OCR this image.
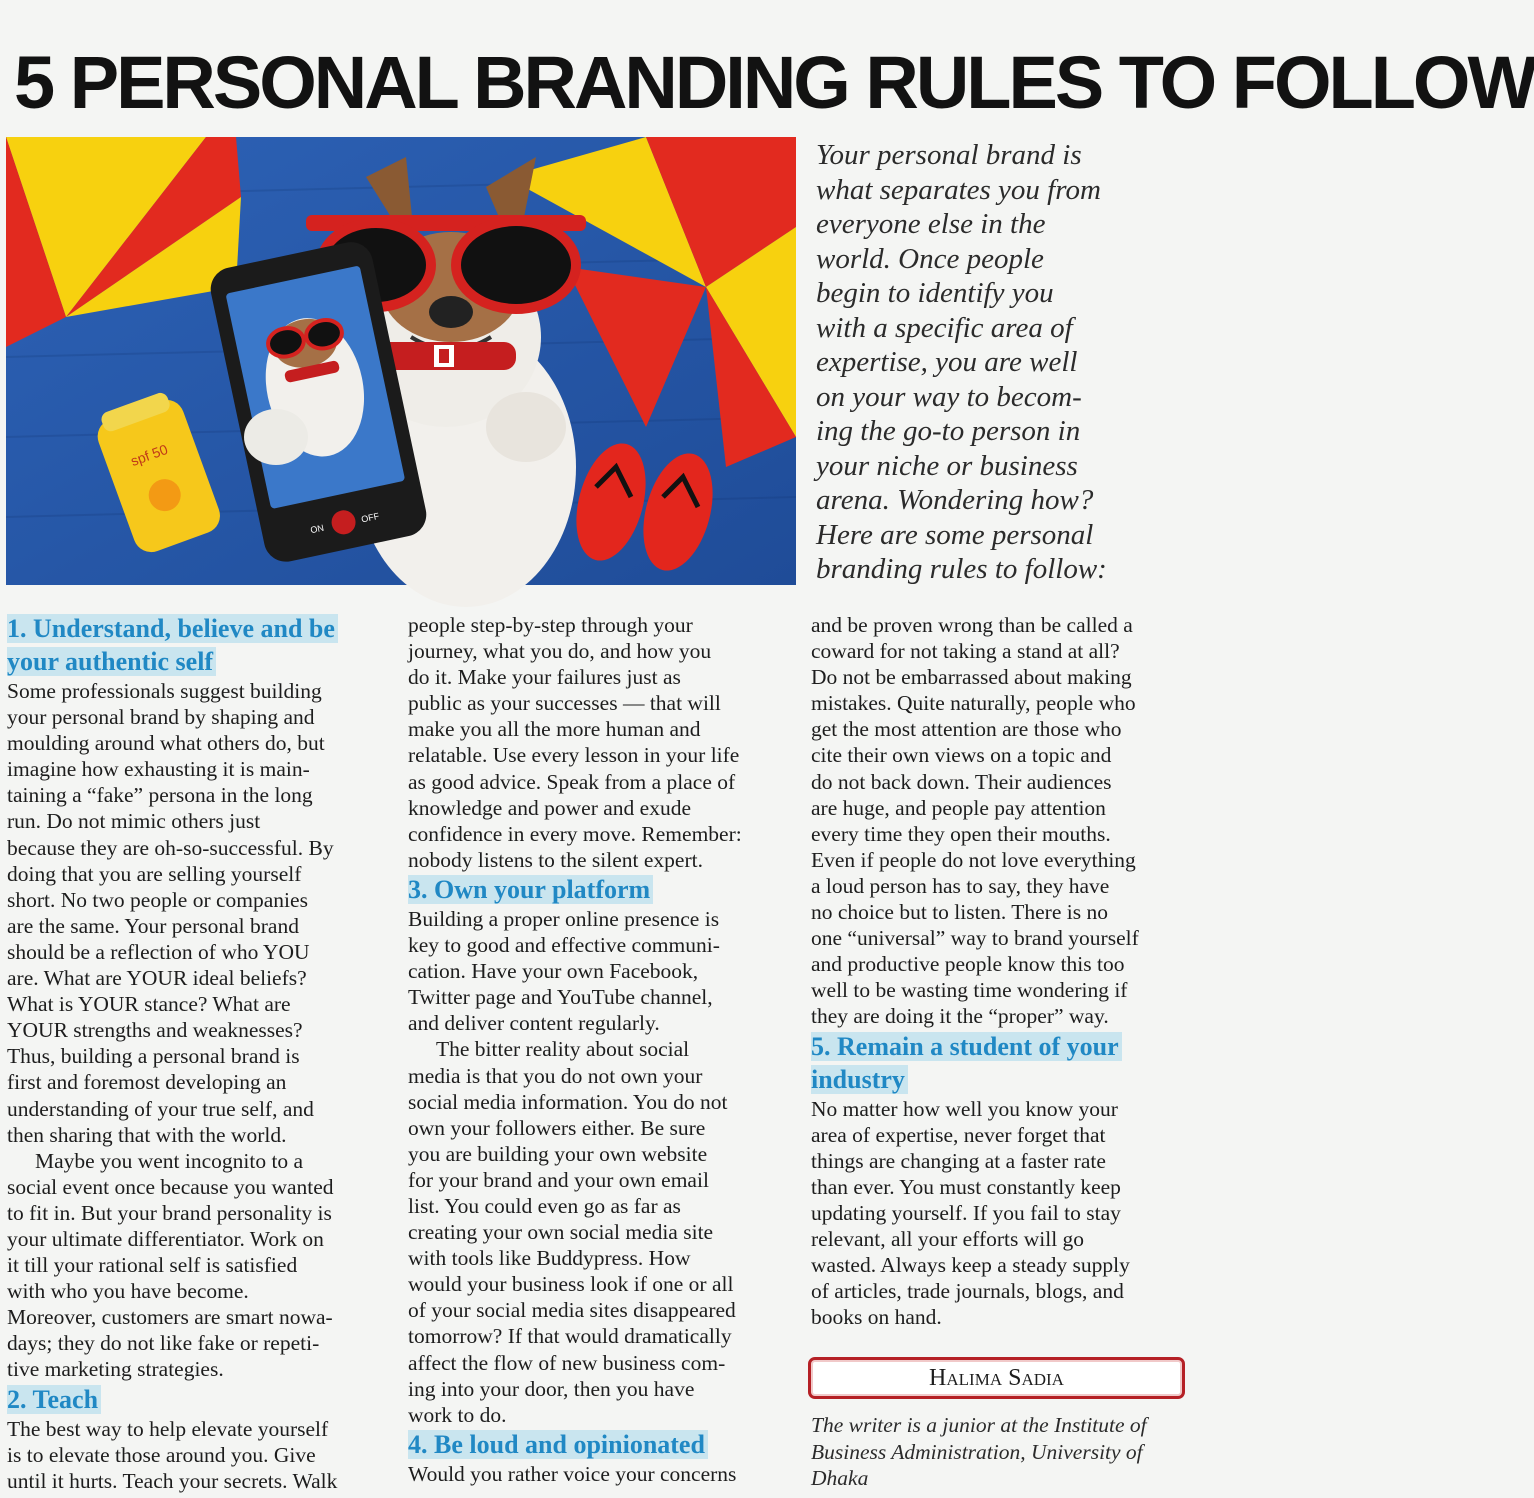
5 PERSONAL BRANDING RULES TO FOLLOW
ON
OFF
spf 50
Your personal brand is
what separates you from
everyone else in the
world. Once people
begin to identify you
with a specific area of
expertise, you are well
on your way to becom-
ing the go-to person in
your niche or business
arena. Wondering how?
Here are some personal
branding rules to follow:
1. Understand, believe and be
your authentic self
Some professionals suggest building
your personal brand by shaping and
moulding around what others do, but
imagine how exhausting it is main-
taining a “fake” persona in the long
run. Do not mimic others just
because they are oh-so-successful. By
doing that you are selling yourself
short. No two people or companies
are the same. Your personal brand
should be a reflection of who YOU
are. What are YOUR ideal beliefs?
What is YOUR stance? What are
YOUR strengths and weaknesses?
Thus, building a personal brand is
first and foremost developing an
understanding of your true self, and
then sharing that with the world.
Maybe you went incognito to a
social event once because you wanted
to fit in. But your brand personality is
your ultimate differentiator. Work on
it till your rational self is satisfied
with who you have become.
Moreover, customers are smart nowa-
days; they do not like fake or repeti-
tive marketing strategies.
2. Teach
The best way to help elevate yourself
is to elevate those around you. Give
until it hurts. Teach your secrets. Walk
people step-by-step through your
journey, what you do, and how you
do it. Make your failures just as
public as your successes — that will
make you all the more human and
relatable. Use every lesson in your life
as good advice. Speak from a place of
knowledge and power and exude
confidence in every move. Remember:
nobody listens to the silent expert.
3. Own your platform
Building a proper online presence is
key to good and effective communi-
cation. Have your own Facebook,
Twitter page and YouTube channel,
and deliver content regularly.
The bitter reality about social
media is that you do not own your
social media information. You do not
own your followers either. Be sure
you are building your own website
for your brand and your own email
list. You could even go as far as
creating your own social media site
with tools like Buddypress. How
would your business look if one or all
of your social media sites disappeared
tomorrow? If that would dramatically
affect the flow of new business com-
ing into your door, then you have
work to do.
4. Be loud and opinionated
Would you rather voice your concerns
and be proven wrong than be called a
coward for not taking a stand at all?
Do not be embarrassed about making
mistakes. Quite naturally, people who
get the most attention are those who
cite their own views on a topic and
do not back down. Their audiences
are huge, and people pay attention
every time they open their mouths.
Even if people do not love everything
a loud person has to say, they have
no choice but to listen. There is no
one “universal” way to brand yourself
and productive people know this too
well to be wasting time wondering if
they are doing it the “proper” way.
5. Remain a student of your
industry
No matter how well you know your
area of expertise, never forget that
things are changing at a faster rate
than ever. You must constantly keep
updating yourself. If you fail to stay
relevant, all your efforts will go
wasted. Always keep a steady supply
of articles, trade journals, blogs, and
books on hand.
Halima Sadia
The writer is a junior at the Institute of
Business Administration, University of
Dhaka
